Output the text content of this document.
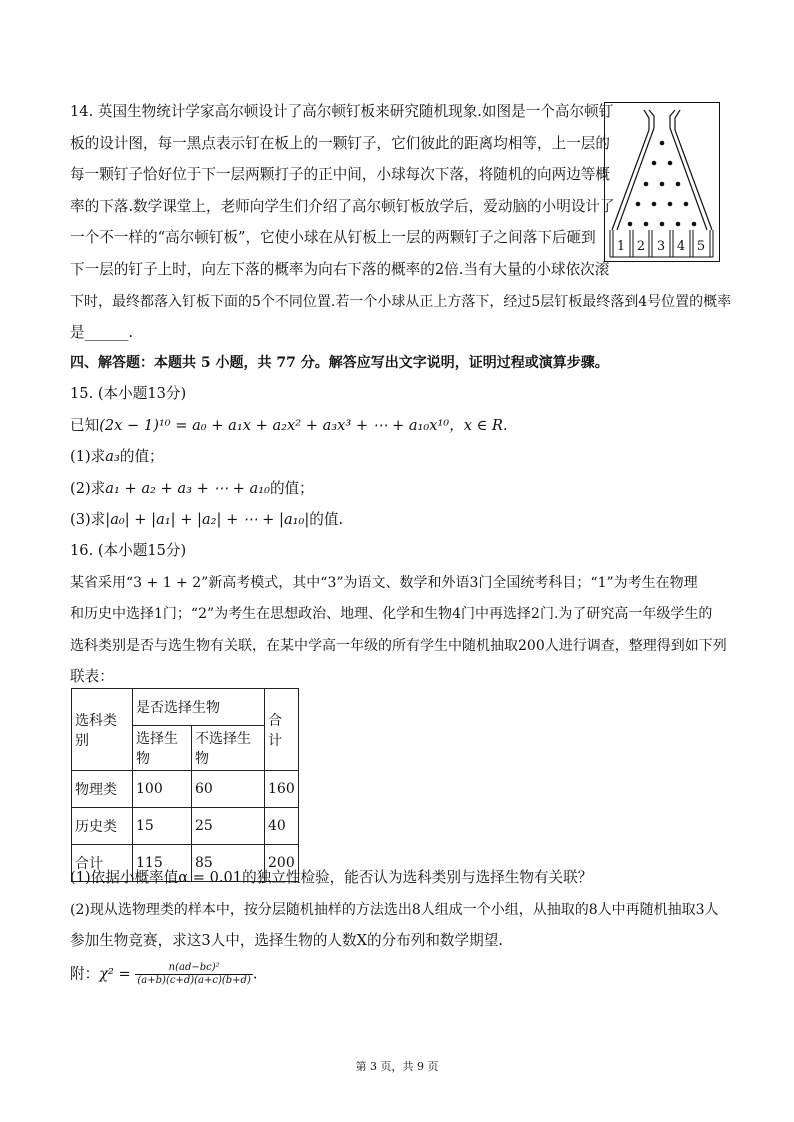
14. 英国生物统计学家高尔顿设计了高尔顿钉板来研究随机现象.如图是一个高尔顿钉
板的设计图，每一黑点表示钉在板上的一颗钉子，它们彼此的距离均相等，上一层的
每一颗钉子恰好位于下一层两颗打子的正中间，小球每次下落，将随机的向两边等概
率的下落.数学课堂上，老师向学生们介绍了高尔顿钉板放学后，爱动脑的小明设计了
一个不一样的“高尔顿钉板”，它使小球在从钉板上一层的两颗钉子之间落下后砸到
下一层的钉子上时，向左下落的概率为向右下落的概率的2倍.当有大量的小球依次滚
下时，最终都落入钉板下面的5个不同位置.若一个小球从正上方落下，经过5层钉板最终落到4号位置的概率
是______.
1 2 3 4 5
四、解答题：本题共 5 小题，共 77 分。解答应写出文字说明，证明过程或演算步骤。
15. (本小题13分)
已知(2x − 1)¹⁰ = a₀ + a₁x + a₂x² + a₃x³ + ⋯ + a₁₀x¹⁰，x ∈ R.
(1)求a₃的值；
(2)求a₁ + a₂ + a₃ + ⋯ + a₁₀的值；
(3)求|a₀| + |a₁| + |a₂| + ⋯ + |a₁₀|的值.
16. (本小题15分)
某省采用“3 + 1 + 2”新高考模式，其中“3”为语文、数学和外语3门全国统考科目；“1”为考生在物理
和历史中选择1门；“2”为考生在思想政治、地理、化学和生物4门中再选择2门.为了研究高一年级学生的
选科类别是否与选生物有关联，在某中学高一年级的所有学生中随机抽取200人进行调查，整理得到如下列
联表：
选科类别	是否选择生物		合计
	选择生物	不选择生物	
物理类	100	60	160
历史类	15	25	40
合计	115	85	200
(1)依据小概率值α = 0.01的独立性检验，能否认为选科类别与选择生物有关联？
(2)现从选物理类的样本中，按分层随机抽样的方法选出8人组成一个小组，从抽取的8人中再随机抽取3人
参加生物竞赛，求这3人中，选择生物的人数X的分布列和数学期望.
附：$\chi^2 = \frac{\text{n(ad−bc)²}}{(a+b)(c+d)(a+c)(b+d)}$ .
第 3 页，共 9 页
